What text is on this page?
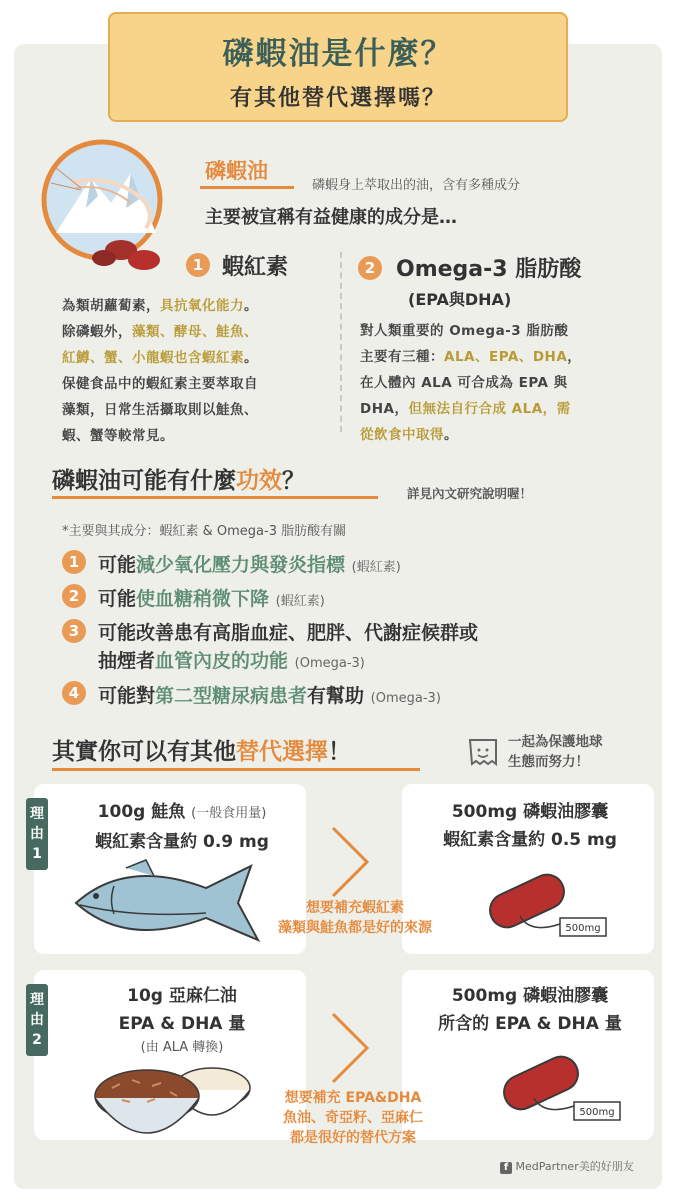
磷蝦油是什麼？
有其他替代選擇嗎？
磷蝦油
磷蝦身上萃取出的油，含有多種成分
主要被宣稱有益健康的成分是…
1 蝦紅素
為類胡蘿蔔素，具抗氧化能力。
除磷蝦外，藻類、酵母、鮭魚、
紅鱒、蟹、小龍蝦也含蝦紅素。
保健食品中的蝦紅素主要萃取自
藻類，日常生活攝取則以鮭魚、
蝦、蟹等較常見。
2 Omega-3 脂肪酸
(EPA與DHA)
對人類重要的 Omega-3 脂肪酸
主要有三種：ALA、EPA、DHA，
在人體內 ALA 可合成為 EPA 與
DHA，但無法自行合成 ALA，需
從飲食中取得。
磷蝦油可能有什麼功效？	詳見內文研究說明喔！
*主要與其成分：蝦紅素 & Omega-3 脂肪酸有關
1 可能減少氧化壓力與發炎指標 (蝦紅素)
2 可能使血糖稍微下降 (蝦紅素)
3 可能改善患有高脂血症、肥胖、代謝症候群或
抽煙者血管內皮的功能 (Omega-3)
4 可能對第二型糖尿病患者有幫助 (Omega-3)
其實你可以有其他替代選擇！	一起為保護地球
生態而努力！
理
由
1
100g 鮭魚 (一般食用量)
蝦紅素含量約 0.9 mg
500mg 磷蝦油膠囊
蝦紅素含量約 0.5 mg
想要補充蝦紅素
藻類與鮭魚都是好的來源	500mg
理
由
2
10g 亞麻仁油
EPA & DHA 量
(由 ALA 轉換)
500mg 磷蝦油膠囊
所含的 EPA & DHA 量
想要補充 EPA&DHA
魚油、奇亞籽、亞麻仁
都是很好的替代方案
500mg
f MedPartner美的好朋友
